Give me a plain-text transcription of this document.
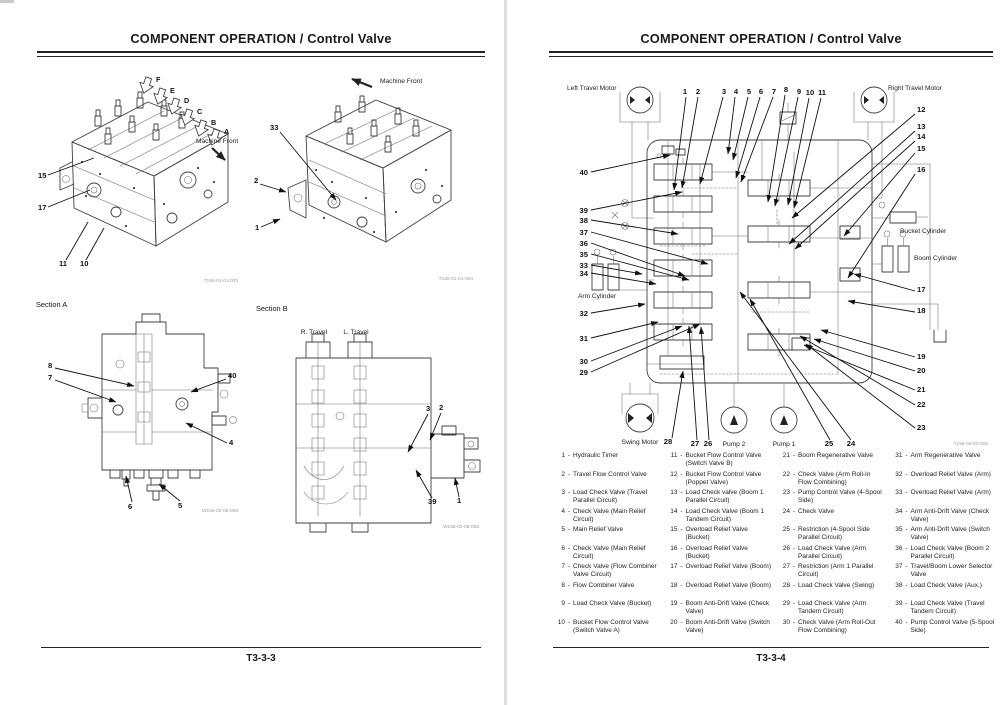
COMPONENT OPERATION / Control Valve
F
E
D
C
B
A
Machine Front
15
17
11 10
T155-01-01-003
Machine Front
33
2
1
T155-01-01-004
Section A
8
7	40
4
6	5
W155-02-05-006
Section B
R. Travel L. Travel
3 2
39	1
W155-02-05-005
T3-3-3
COMPONENT OPERATION / Control Valve
1 2	3 4 5 6 7 8 9 10 11
12
13
14
15
16
17
18
19
20
21
22
23
40
39
38
37
36
35
33
34
32
31
30
29
28 27 26	25 24
Left Travel Motor	Right Travel Motor
Bucket Cylinder
Boom Cylinder
Arm Cylinder
Swing Motor	Pump 2	Pump 1	T155-04-03-005
1 - Hydraulic Timer
2 - Travel Flow Control Valve
3 - Load Check Valve (Travel Parallel Circuit)
4 - Check Valve (Main Relief Circuit)
5 - Main Relief Valve
6 - Check Valve (Main Relief Circuit)
7 - Check Valve (Flow Combiner Valve Circuit)
8 - Flow Combiner Valve
9 - Load Check Valve (Bucket)
10 - Bucket Flow Control Valve (Switch Valve A)
11 - Bucket Flow Control Valve (Switch Valve B)
12 - Bucket Flow Control Valve (Poppet Valve)
13 - Load Check valve (Boom 1 Parallel Circuit)
14 - Load Check Valve (Boom 1 Tandem Circuit)
15 - Overload Relief Valve (Bucket)
16 - Overload Relief Valve (Bucket)
17 - Overload Relief Valve (Boom)
18 - Overload Relief Valve (Boom)
19 - Boom Anti-Drift Valve (Check Valve)
20 - Boom Anti-Drift Valve (Switch Valve)
21 - Boom Regenerative Valve
22 - Check Valve (Arm Roll-In Flow Combining)
23 - Pump Control Valve (4-Spool Side)
24 - Check Valve
25 - Restriction (4-Spool Side Parallel Circuit)
26 - Load Check Valve (Arm Parallel Circuit)
27 - Restriction (Arm 1 Parallel Circuit)
28 - Load Check Valve (Swing)
29 - Load Check Valve (Arm Tandem Circuit)
30 - Check Valve (Arm Roll-Out Flow Combining)
31 - Arm Regenerative Valve
32 - Overload Relief Valve (Arm)
33 - Overload Relief Valve (Arm)
34 - Arm Anti-Drift Valve (Check Valve)
35 - Arm Anti-Drift Valve (Switch Valve)
36 - Load Check Valve (Boom 2 Parallel Circuit)
37 - Travel/Boom Lower Selector Valve
38 - Load Check Valve (Aux.)
39 - Load Check Valve (Travel Tandem Circuit)
40 - Pump Control Valve (5-Spool Side)
T3-3-4
